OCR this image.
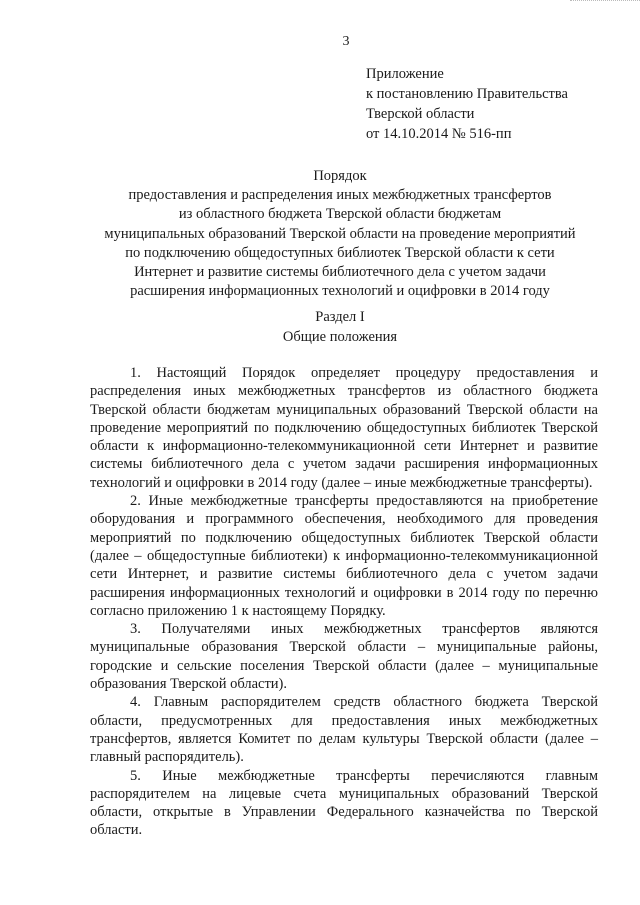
3
Приложение
к постановлению Правительства
Тверской области
от 14.10.2014 № 516-пп
Порядок
предоставления и распределения иных межбюджетных трансфертов
из областного бюджета Тверской области бюджетам
муниципальных образований Тверской области на проведение мероприятий
по подключению общедоступных библиотек Тверской области к сети
Интернет и развитие системы библиотечного дела с учетом задачи
расширения информационных технологий и оцифровки в 2014 году
Раздел I
Общие положения

1. Настоящий Порядок определяет процедуру предоставления и распределения иных межбюджетных трансфертов из областного бюджета Тверской области бюджетам муниципальных образований Тверской области на проведение мероприятий по подключению общедоступных библиотек Тверской области к информационно-телекоммуникационной сети Интернет и развитие системы библиотечного дела с учетом задачи расширения информационных технологий и оцифровки в 2014 году (далее – иные межбюджетные трансферты).

2. Иные межбюджетные трансферты предоставляются на приобретение оборудования и программного обеспечения, необходимого для проведения мероприятий по подключению общедоступных библиотек Тверской области (далее – общедоступные библиотеки) к информационно-телекоммуникационной сети Интернет, и развитие системы библиотечного дела с учетом задачи расширения информационных технологий и оцифровки в 2014 году по перечню согласно приложению 1 к настоящему Порядку.

3. Получателями иных межбюджетных трансфертов являются муниципальные образования Тверской области – муниципальные районы, городские и сельские поселения Тверской области (далее – муниципальные образования Тверской области).

4. Главным распорядителем средств областного бюджета Тверской области, предусмотренных для предоставления иных межбюджетных трансфертов, является Комитет по делам культуры Тверской области (далее – главный распорядитель).

5. Иные межбюджетные трансферты перечисляются главным распорядителем на лицевые счета муниципальных образований Тверской области, открытые в Управлении Федерального казначейства по Тверской области.
